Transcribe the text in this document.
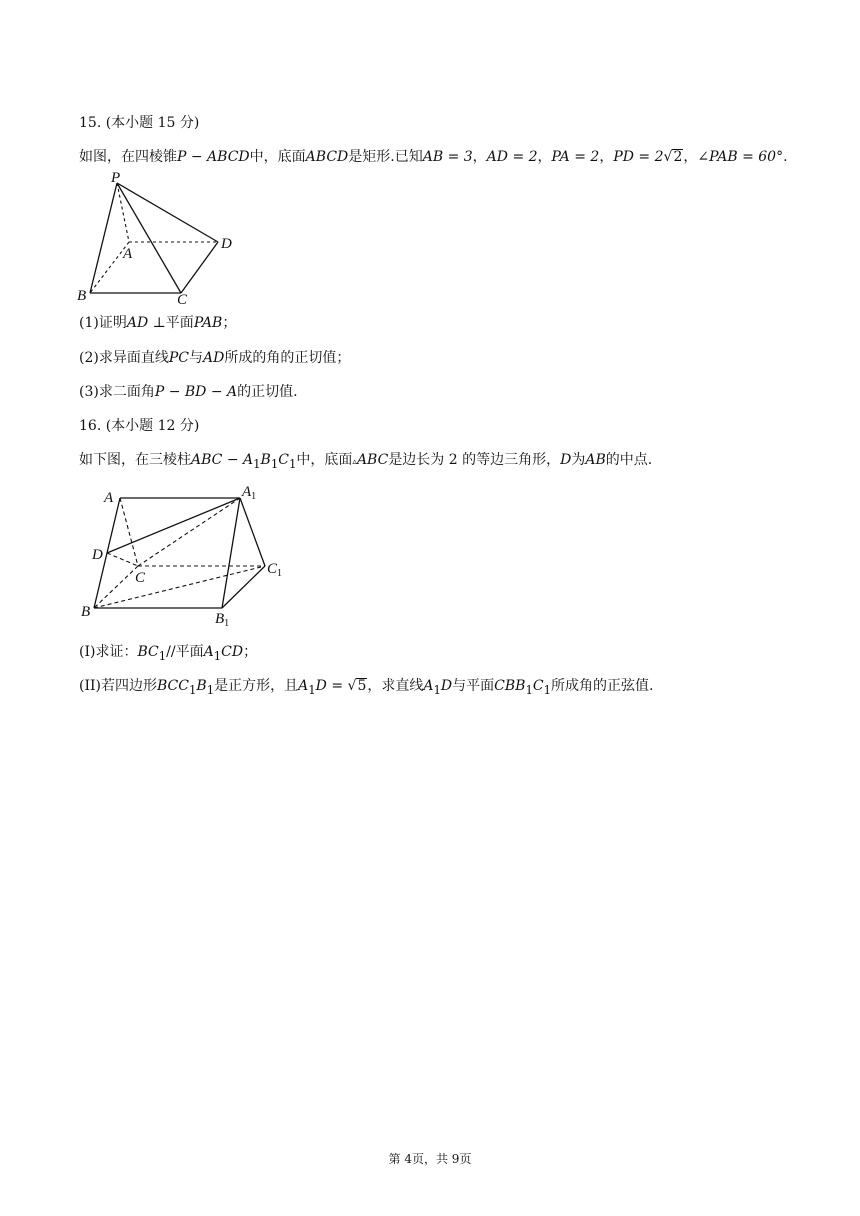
15. (本小题 15 分)
如图，在四棱锥P − ABCD中，底面ABCD是矩形.已知AB = 3，AD = 2，PA = 2，PD = 2√2，∠PAB = 60°.
P
A
B	C
D
(1)证明AD ⊥平面PAB；
(2)求异面直线PC与AD所成的角的正切值；
(3)求二面角P − BD − A的正切值.
16. (本小题 12 分)
如下图，在三棱柱ABC − $A_1B_1C_1$中，底面▵ABC是边长为 2 的等边三角形，D为AB的中点.
A	$A_1$
D
C
$C_1$
B	$B_1$
(I)求证：$BC_1//$平面$A_1CD$；
(II)若四边形$BCC_1B_1$是正方形，且$A_1D = √5$，求直线$A_1D$与平面$CBB_1C_1$所成角的正弦值.
第 4页，共 9页
